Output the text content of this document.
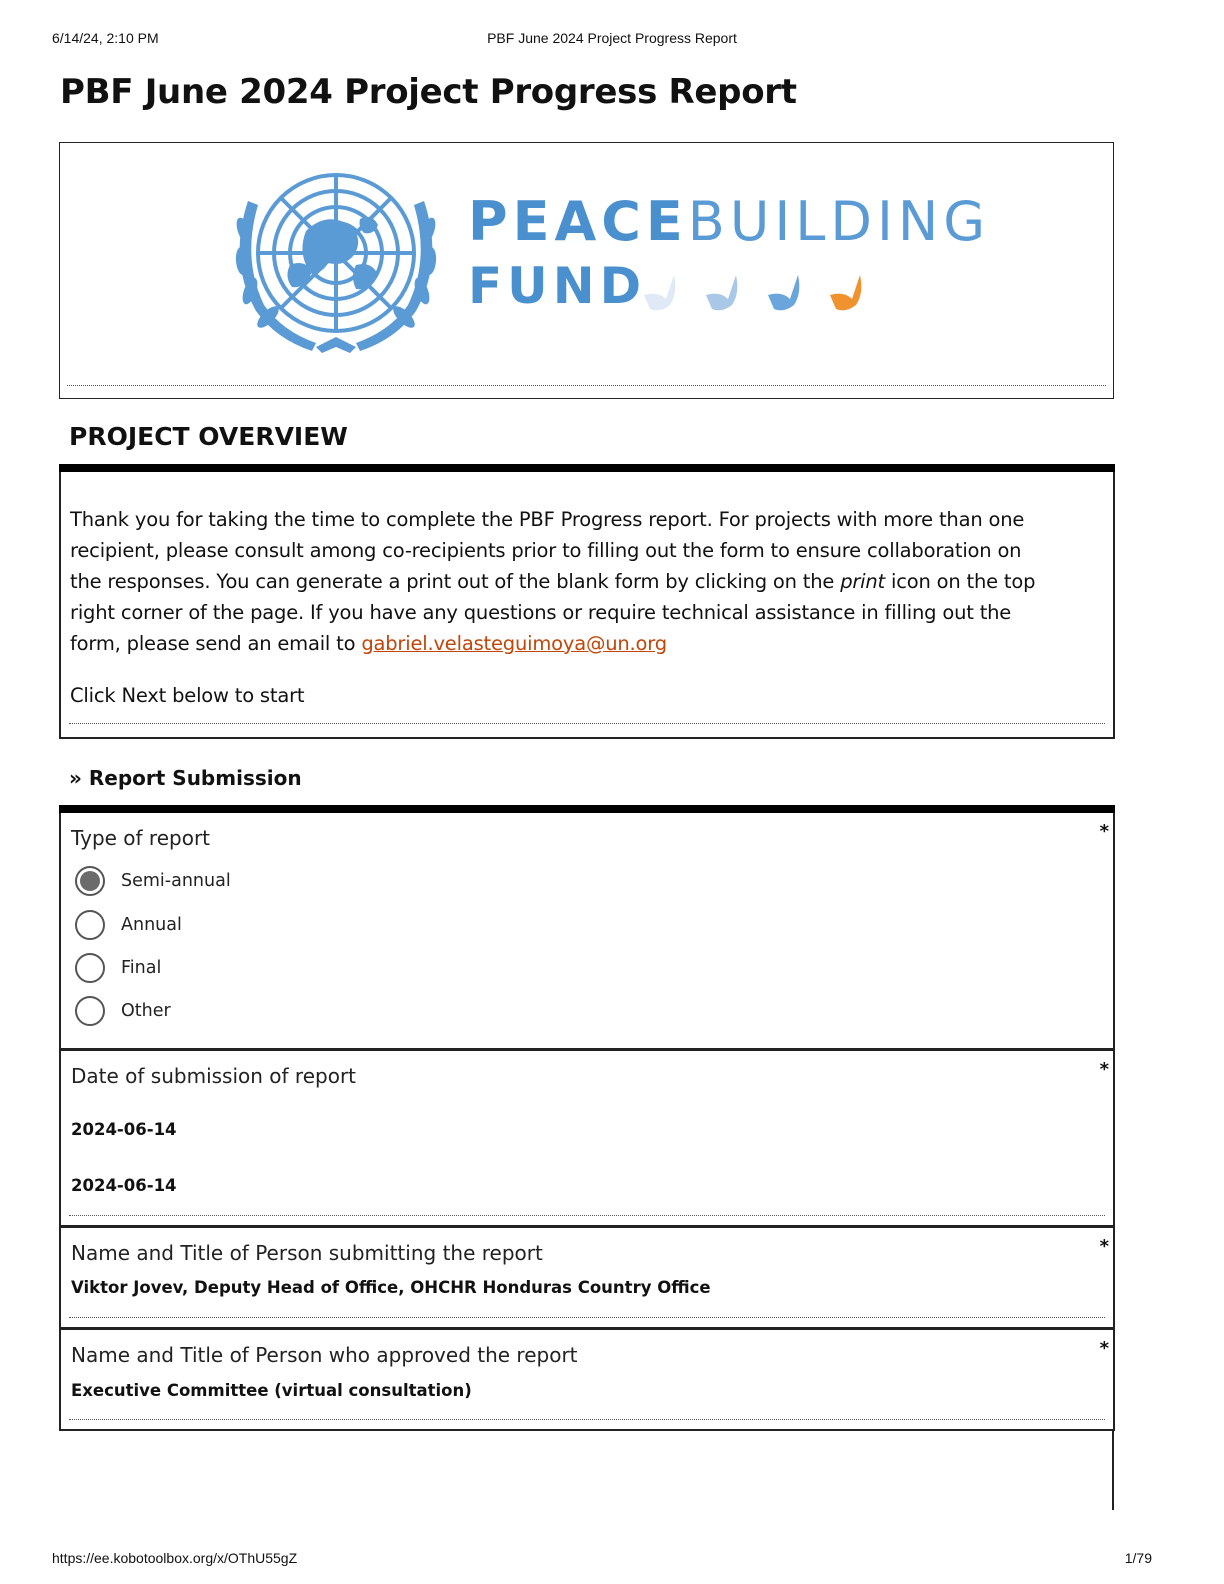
6/14/24, 2:10 PM	PBF June 2024 Project Progress Report
PBF June 2024 Project Progress Report
PEACEBUILDING
FUND
PROJECT OVERVIEW

Thank you for taking the time to complete the PBF Progress report. For projects with more than one
recipient, please consult among co-recipients prior to filling out the form to ensure collaboration on
the responses. You can generate a print out of the blank form by clicking on the print icon on the top
right corner of the page. If you have any questions or require technical assistance in filling out the
form, please send an email to gabriel.velasteguimoya@un.org

Click Next below to start

» Report Submission
Type of report	*
Semi-annual
Annual
Final
Other
Date of submission of report	*
2024-06-14
2024-06-14
Name and Title of Person submitting the report	*
Viktor Jovev, Deputy Head of Office, OHCHR Honduras Country Office
Name and Title of Person who approved the report	*
Executive Committee (virtual consultation)
https://ee.kobotoolbox.org/x/OThU55gZ	1/79
